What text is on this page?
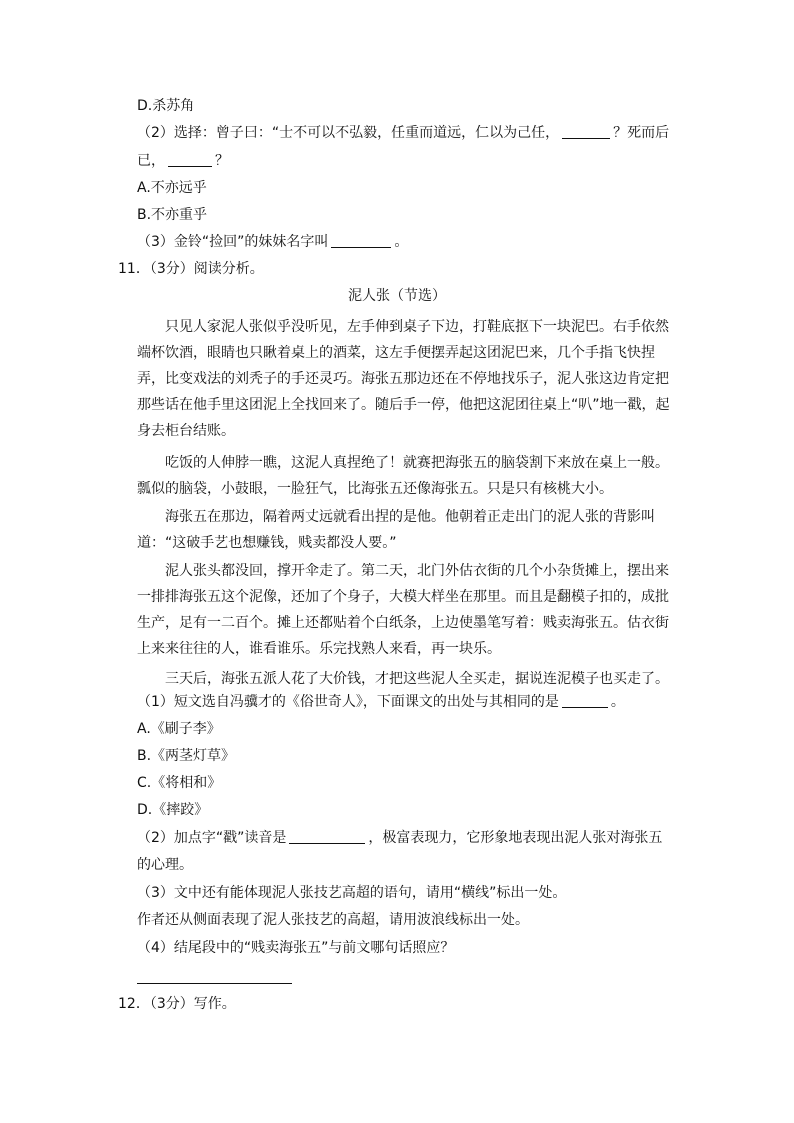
D.杀苏角
（2）选择：曾子曰：“士不可以不弘毅，任重而道远，仁以为己任，	？死而后
已，	？
A.不亦远乎
B.不亦重乎
（3）金铃“捡回”的妹妹名字叫	。
11．（3分）阅读分析。
泥人张（节选）
只见人家泥人张似乎没听见，左手伸到桌子下边，打鞋底抠下一块泥巴。右手依然端杯饮酒，眼睛也只瞅着桌上的酒菜，这左手便摆弄起这团泥巴来，几个手指飞快捏弄，比变戏法的刘秃子的手还灵巧。海张五那边还在不停地找乐子，泥人张这边肯定把那些话在他手里这团泥上全找回来了。随后手一停，他把这泥团往桌上“叭”地一戳，起身去柜台结账。
吃饭的人伸脖一瞧，这泥人真捏绝了！就赛把海张五的脑袋割下来放在桌上一般。瓢似的脑袋，小鼓眼，一脸狂气，比海张五还像海张五。只是只有核桃大小。
海张五在那边，隔着两丈远就看出捏的是他。他朝着正走出门的泥人张的背影叫道：“这破手艺也想赚钱，贱卖都没人要。”
泥人张头都没回，撑开伞走了。第二天，北门外估衣街的几个小杂货摊上，摆出来一排排海张五这个泥像，还加了个身子，大模大样坐在那里。而且是翻模子扣的，成批生产，足有一二百个。摊上还都贴着个白纸条，上边使墨笔写着：贱卖海张五。估衣街上来来往往的人，谁看谁乐。乐完找熟人来看，再一块乐。
三天后，海张五派人花了大价钱，才把这些泥人全买走，据说连泥模子也买走了。
（1）短文选自冯骥才的《俗世奇人》，下面课文的出处与其相同的是	。
A.《刷子李》
B.《两茎灯草》
C.《将相和》
D.《摔跤》
（2）加点字“戳”读音是	，极富表现力，它形象地表现出泥人张对海张五
的心理。
（3）文中还有能体现泥人张技艺高超的语句，请用“横线”标出一处。
作者还从侧面表现了泥人张技艺的高超，请用波浪线标出一处。
（4）结尾段中的“贱卖海张五”与前文哪句话照应？
12．（3分）写作。
